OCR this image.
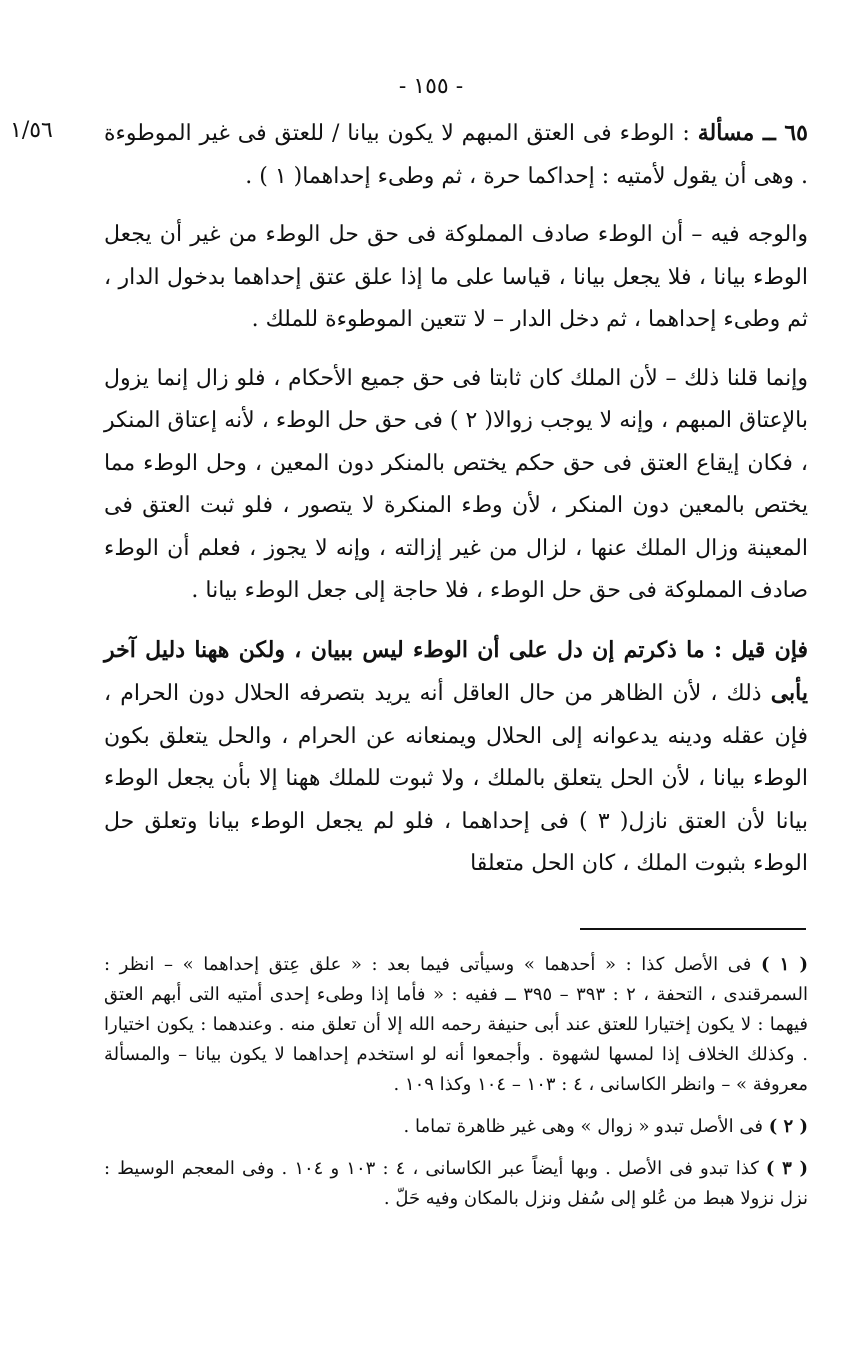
- ١٥٥ -
١/٥٦	٦٥ ــ مسألة : الوطء فى العتق المبهم لا يكون بيانا / للعتق فى غير الموطوءة . وهى أن يقول لأمتيه : إحداكما حرة ، ثم وطىء إحداهما( ١ ) .

والوجه فيه – أن الوطء صادف المملوكة فى حق حل الوطء من غير أن يجعل الوطء بيانا ، فلا يجعل بيانا ، قياسا على ما إذا علق عتق إحداهما بدخول الدار ، ثم وطىء إحداهما ، ثم دخل الدار – لا تتعين الموطوءة للملك .

وإنما قلنا ذلك – لأن الملك كان ثابتا فى حق جميع الأحكام ، فلو زال إنما يزول بالإعتاق المبهم ، وإنه لا يوجب زوالا( ٢ ) فى حق حل الوطء ، لأنه إعتاق المنكر ، فكان إيقاع العتق فى حق حكم يختص بالمنكر دون المعين ، وحل الوطء مما يختص بالمعين دون المنكر ، لأن وطء المنكرة لا يتصور ، فلو ثبت العتق فى المعينة وزال الملك عنها ، لزال من غير إزالته ، وإنه لا يجوز ، فعلم أن الوطء صادف المملوكة فى حق حل الوطء ، فلا حاجة إلى جعل الوطء بيانا .

فإن قيل : ما ذكرتم إن دل على أن الوطء ليس ببيان ، ولكن ههنا دليل آخر يأبى ذلك ، لأن الظاهر من حال العاقل أنه يريد بتصرفه الحلال دون الحرام ، فإن عقله ودينه يدعوانه إلى الحلال ويمنعانه عن الحرام ، والحل يتعلق بكون الوطء بيانا ، لأن الحل يتعلق بالملك ، ولا ثبوت للملك ههنا إلا بأن يجعل الوطء بيانا لأن العتق نازل( ٣ ) فى إحداهما ، فلو لم يجعل الوطء بيانا وتعلق حل الوطء بثبوت الملك ، كان الحل متعلقا

( ١ ) فى الأصل كذا : « أحدهما » وسيأتى فيما بعد : « علق عِتق إحداهما » – انظر : السمرقندى ، التحفة ، ٢ : ٣٩٣ – ٣٩٥ ــ ففيه : « فأما إذا وطىء إحدى أمتيه التى أبهم العتق فيهما : لا يكون إختيارا للعتق عند أبى حنيفة رحمه الله إلا أن تعلق منه . وعندهما : يكون اختيارا . وكذلك الخلاف إذا لمسها لشهوة . وأجمعوا أنه لو استخدم إحداهما لا يكون بيانا – والمسألة معروفة » – وانظر الكاسانى ، ٤ : ١٠٣ – ١٠٤ وكذا ١٠٩ .

( ٢ ) فى الأصل تبدو « زوال » وهى غير ظاهرة تماما .

( ٣ ) كذا تبدو فى الأصل . وبها أيضاً عبر الكاسانى ، ٤ : ١٠٣ و ١٠٤ . وفى المعجم الوسيط : نزل نزولا هبط من عُلو إلى سُفل ونزل بالمكان وفيه حَلّ .
